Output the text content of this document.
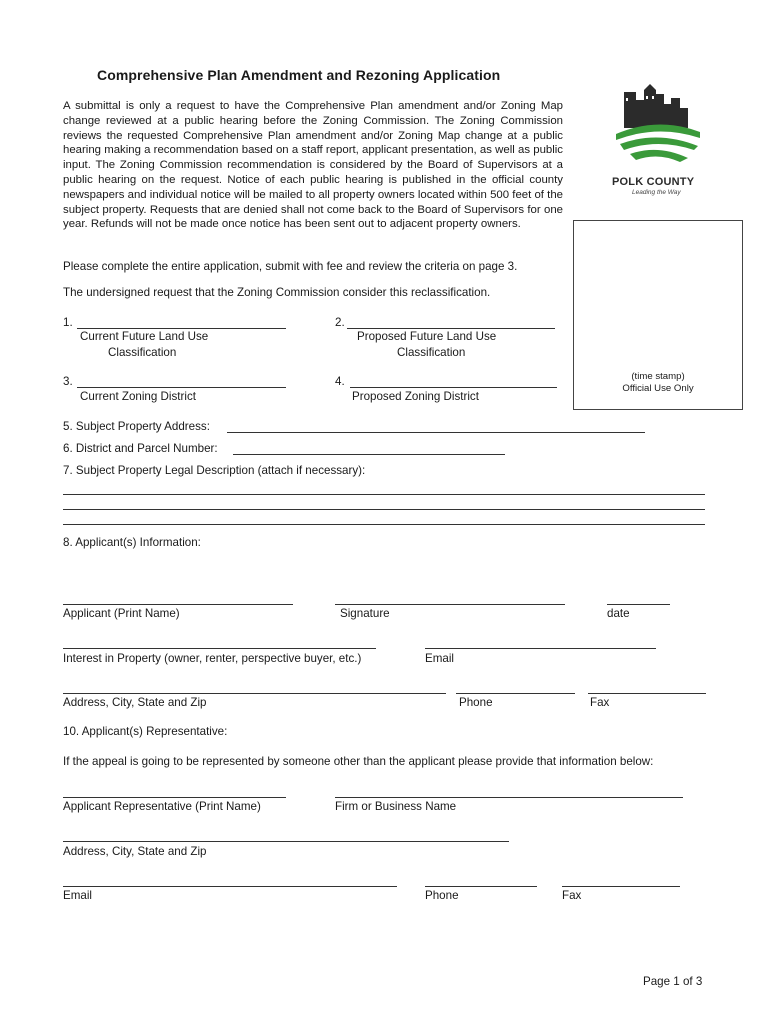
Comprehensive Plan Amendment and Rezoning Application
A submittal is only a request to have the Comprehensive Plan amendment and/or Zoning Map change reviewed at a public hearing before the Zoning Commission. The Zoning Commission reviews the requested Comprehensive Plan amendment and/or Zoning Map change at a public hearing making a recommendation based on a staff report, applicant presentation, as well as public input. The Zoning Commission recommendation is considered by the Board of Supervisors at a public hearing on the request. Notice of each public hearing is published in the official county newspapers and individual notice will be mailed to all property owners located within 500 feet of the subject property. Requests that are denied shall not come back to the Board of Supervisors for one year. Refunds will not be made once notice has been sent out to adjacent property owners.
POLK COUNTY
Leading the Way
(time stamp)
Official Use Only
Please complete the entire application, submit with fee and review the criteria on page 3.
The undersigned request that the Zoning Commission consider this reclassification.
1.
Current Future Land Use
Classification
2.
Proposed Future Land Use
Classification
3.
Current Zoning District
4.
Proposed Zoning District
5. Subject Property Address:
6. District and Parcel Number:
7. Subject Property Legal Description (attach if necessary):
8. Applicant(s) Information:
Applicant (Print Name)	Signature	date
Interest in Property (owner, renter, perspective buyer, etc.)	Email
Address, City, State and Zip	Phone	Fax
10. Applicant(s) Representative:
If the appeal is going to be represented by someone other than the applicant please provide that information below:
Applicant Representative (Print Name)	Firm or Business Name
Address, City, State and Zip
Email	Phone	Fax
Page 1 of 3
